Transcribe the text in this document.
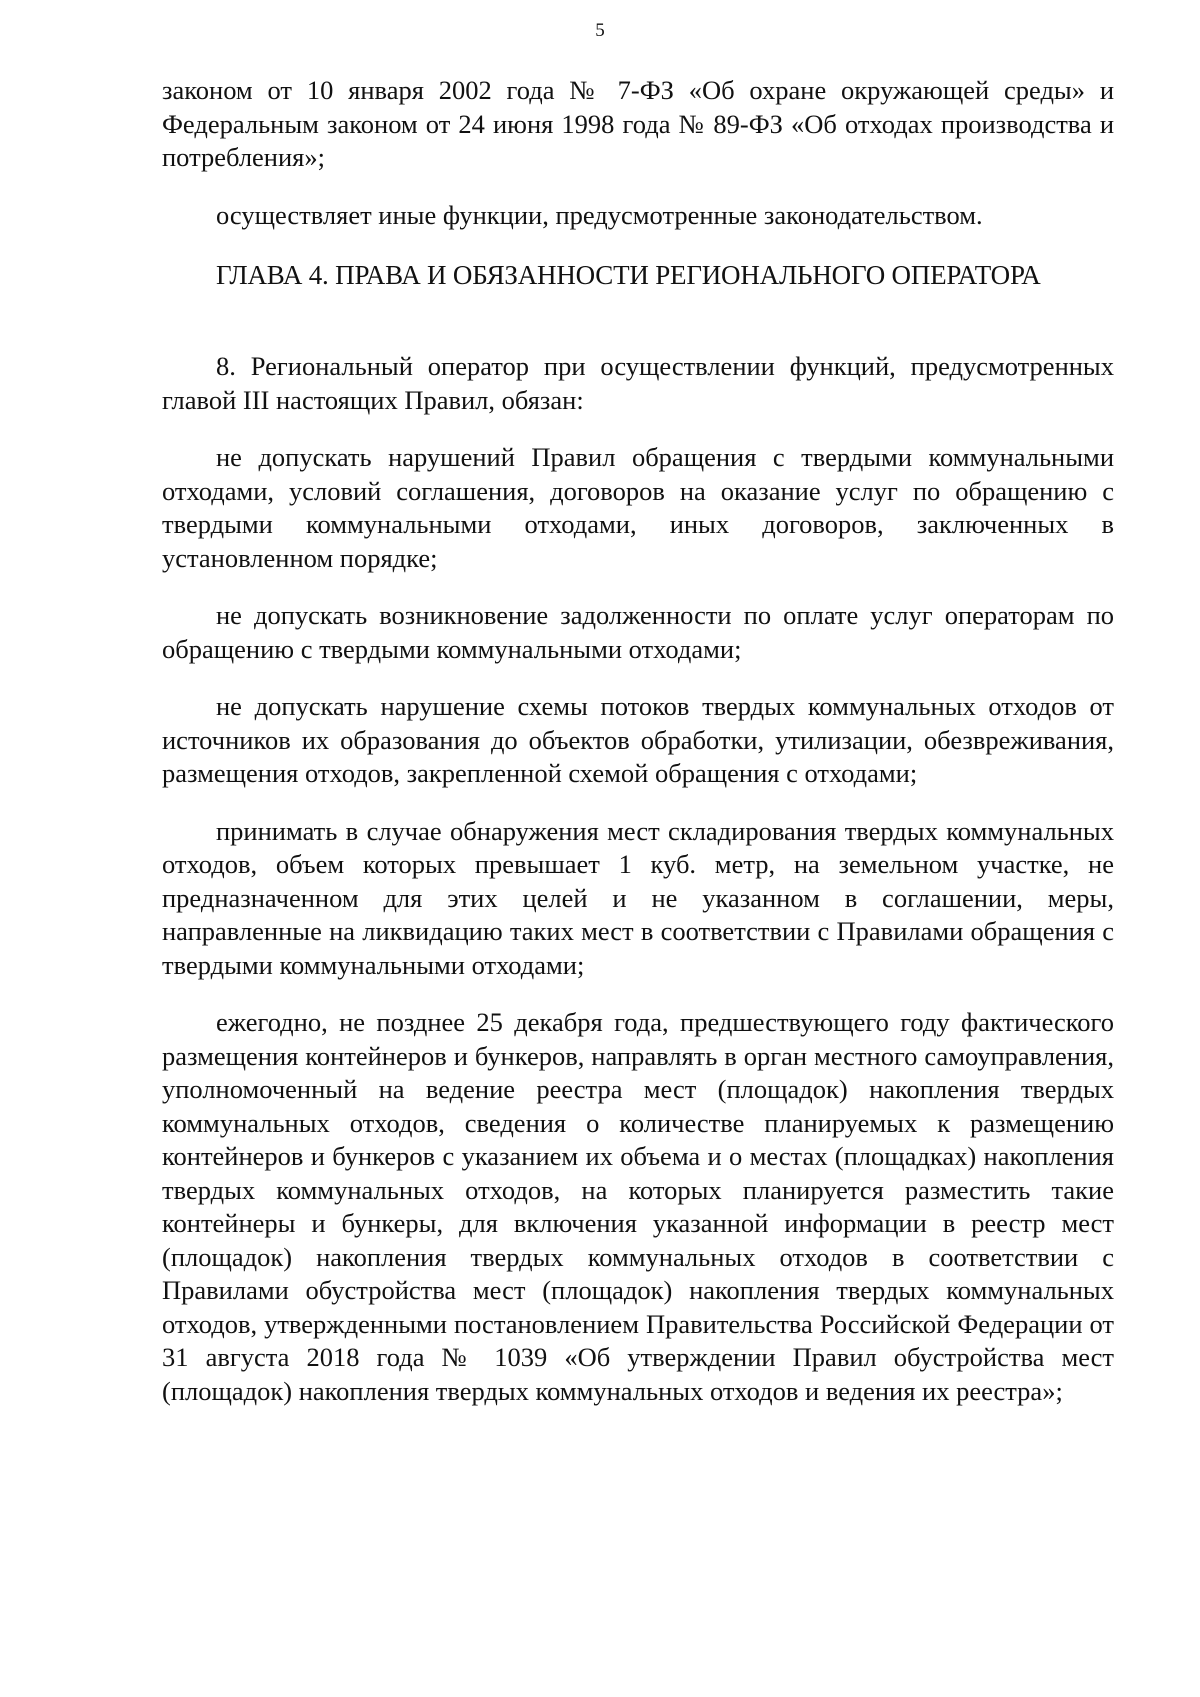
5

законом от 10 января 2002 года № 7-ФЗ «Об охране окружающей среды» и Федеральным законом от 24 июня 1998 года № 89-ФЗ «Об отходах производства и потребления»;

осуществляет иные функции, предусмотренные законодательством.

ГЛАВА 4. ПРАВА И ОБЯЗАННОСТИ РЕГИОНАЛЬНОГО ОПЕРАТОРА

8. Региональный оператор при осуществлении функций, предусмотренных главой III настоящих Правил, обязан:

не допускать нарушений Правил обращения с твердыми коммунальными отходами, условий соглашения, договоров на оказание услуг по обращению с твердыми коммунальными отходами, иных договоров, заключенных в установленном порядке;

не допускать возникновение задолженности по оплате услуг операторам по обращению с твердыми коммунальными отходами;

не допускать нарушение схемы потоков твердых коммунальных отходов от источников их образования до объектов обработки, утилизации, обезвреживания, размещения отходов, закрепленной схемой обращения с отходами;

принимать в случае обнаружения мест складирования твердых коммунальных отходов, объем которых превышает 1 куб. метр, на земельном участке, не предназначенном для этих целей и не указанном в соглашении, меры, направленные на ликвидацию таких мест в соответствии с Правилами обращения с твердыми коммунальными отходами;

ежегодно, не позднее 25 декабря года, предшествующего году фактического размещения контейнеров и бункеров, направлять в орган местного самоуправления, уполномоченный на ведение реестра мест (площадок) накопления твердых коммунальных отходов, сведения о количестве планируемых к размещению контейнеров и бункеров с указанием их объема и о местах (площадках) накопления твердых коммунальных отходов, на которых планируется разместить такие контейнеры и бункеры, для включения указанной информации в реестр мест (площадок) накопления твердых коммунальных отходов в соответствии с Правилами обустройства мест (площадок) накопления твердых коммунальных отходов, утвержденными постановлением Правительства Российской Федерации от 31 августа 2018 года № 1039 «Об утверждении Правил обустройства мест (площадок) накопления твердых коммунальных отходов и ведения их реестра»;
